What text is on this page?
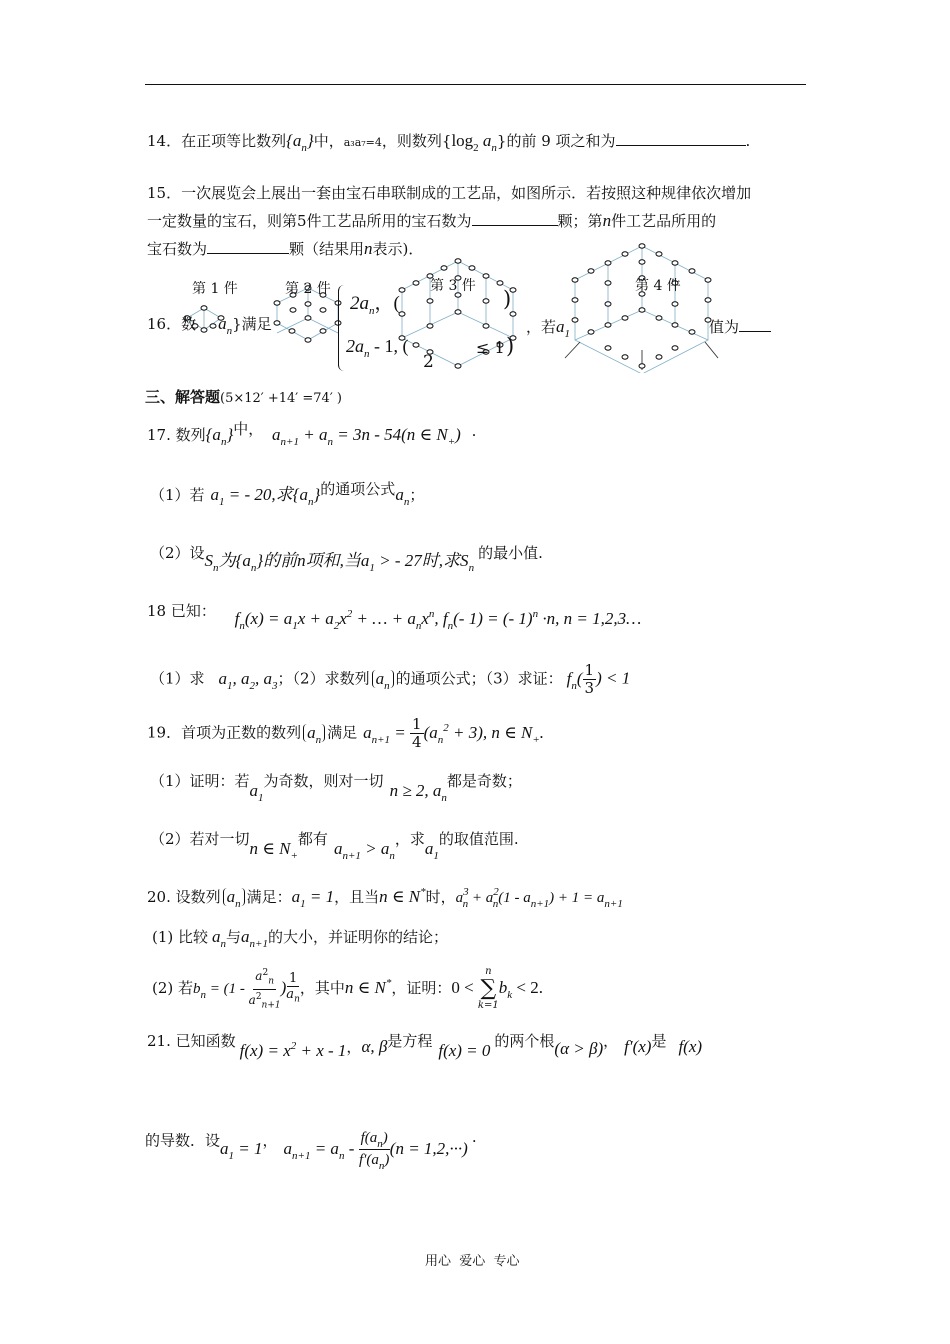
14．在正项等比数列$\{a_n\}$中，a₃a₇=4，则数列{$\log_2$ $a_n$}的前 9 项之和为	.
15．一次展览会上展出一套由宝石串联制成的工艺品，如图所示．若按照这种规律依次增加
一定数量的宝石，则第5件工艺品所用的宝石数为	颗；第n件工艺品所用的
宝石数为	颗（结果用n表示)．
第 1 件	第 2 件	第 3 件	第 4 件
16．数 $a_n$}满足
$2a_n$，(	)
$2a_n - 1$, (
2
≤ 1 )
，若$a_1$	值为
三、解答题(5×12′ +14′ =74′ )
17. 数列$\{a_n\}$中， $a_{n+1} + a_n = 3n - 54(n$ ∈ $N_+$) ·
（1）若 $a_1$ = - 20,求$\{a_n\}$的通项公式$a_n$；
（2）设$S_n$为$\{a_n\}$的前n项和,当$a_1$ > - 27时,求$S_n$的最小值.
18 已知： $f_n(x) = a_1x + a_2x^2$ + … + $a_nx^n$, $f_n(-$ 1) = (- 1)$^n$ ·n, n = 1,2,3…
（1）求 $a_1$, $a_2$, $a_3$；（2）求数列 $a_n$ 的通项公式；（3）求证： $f_n( \frac{1}{3}$ ) < 1
19．首项为正数的数列 $a_n$ 满足 $a_{n+1} = \frac{1}{4} (a_n^2 + 3)$, n ∈ $N_+$.
（1）证明：若$a_1$为奇数，则对一切 n ≥ 2, $a_n$都是奇数；
（2）若对一切n ∈ $N_+$都有 $a_{n+1} > a_n$，求$a_1$的取值范围.
20. 设数列 $a_n$ 满足：$a_1 = 1$，且当n ∈ N*时，$a^3_n + a^2_n(1 - a_{n+1}) + 1 = a_{n+1}$
(1) 比较 $a_n$与$a_{n+1}$的大小，并证明你的结论；
(2) 若$b_n = (1 - \frac{a^2_n}{a^2_{n+1}}$ ) $\frac{1}{a_n}$ ，其中n ∈ N*，证明：0 <
n
∑
k=1
$b_k < 2$.
21. 已知函数 $f(x) = x^2 + x - 1$，α, β是方程 f(x) = 0 的两个根(α > β)， f′(x)是 f(x)
的导数．设$a_1 = 1$， $a_{n+1} = a_n - \frac{f(a_n)}{f'(a_n)} (n = 1,2,\cdot\cdot\cdot)$ ·
用心  爱心  专心
